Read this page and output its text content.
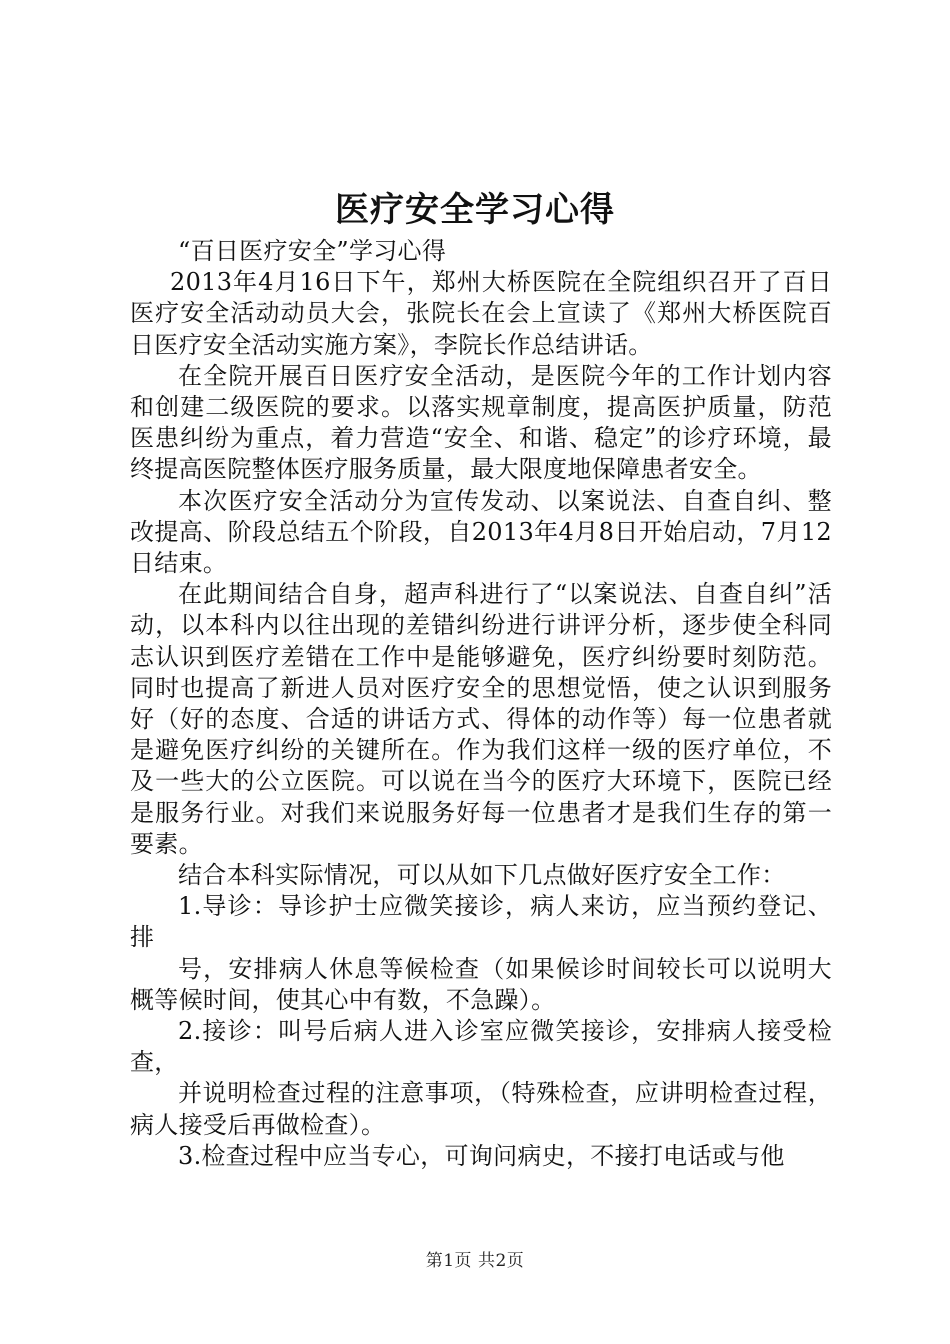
医疗安全学习心得

“百日医疗安全”学习心得

2013年4月16日下午，郑州大桥医院在全院组织召开了百日医疗安全活动动员大会，张院长在会上宣读了《郑州大桥医院百日医疗安全活动实施方案》，李院长作总结讲话。

在全院开展百日医疗安全活动，是医院今年的工作计划内容和创建二级医院的要求。以落实规章制度，提高医护质量，防范医患纠纷为重点，着力营造“安全、和谐、稳定”的诊疗环境，最终提高医院整体医疗服务质量，最大限度地保障患者安全。

本次医疗安全活动分为宣传发动、以案说法、自查自纠、整改提高、阶段总结五个阶段，自2013年4月8日开始启动，7月12日结束。

在此期间结合自身，超声科进行了“以案说法、自查自纠”活动，以本科内以往出现的差错纠纷进行讲评分析，逐步使全科同志认识到医疗差错在工作中是能够避免，医疗纠纷要时刻防范。同时也提高了新进人员对医疗安全的思想觉悟，使之认识到服务好（好的态度、合适的讲话方式、得体的动作等）每一位患者就是避免医疗纠纷的关键所在。作为我们这样一级的医疗单位，不及一些大的公立医院。可以说在当今的医疗大环境下，医院已经是服务行业。对我们来说服务好每一位患者才是我们生存的第一要素。

结合本科实际情况，可以从如下几点做好医疗安全工作：

1.导诊：导诊护士应微笑接诊，病人来访，应当预约登记、排

号，安排病人休息等候检查（如果候诊时间较长可以说明大概等候时间，使其心中有数，不急躁）。

2.接诊：叫号后病人进入诊室应微笑接诊，安排病人接受检查，

并说明检查过程的注意事项，（特殊检查，应讲明检查过程，病人接受后再做检查）。

3.检查过程中应当专心，可询问病史，不接打电话或与他

第1页 共2页
